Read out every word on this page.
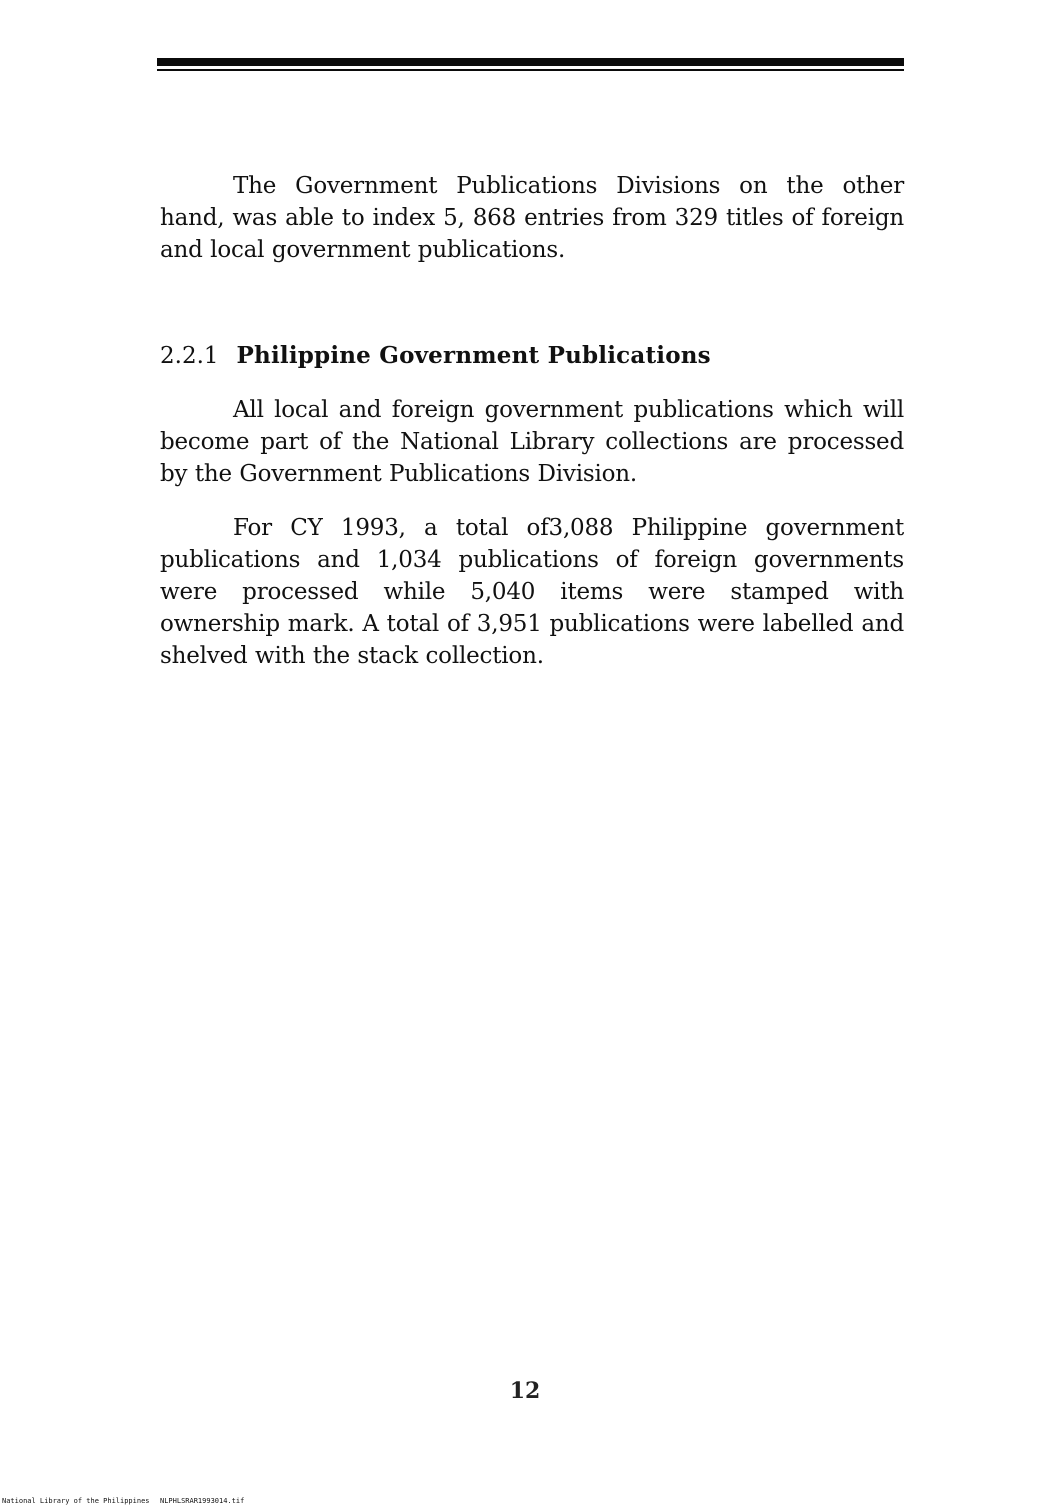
The Government Publications Divisions on the other hand, was able to index 5, 868 entries from 329 titles of foreign and local government publications.

2.2.1 Philippine Government Publications

All local and foreign government publications which will become part of the National Library collections are processed by the Government Publications Division.

For CY 1993, a total of3,088 Philippine government publications and 1,034 publications of foreign governments were processed while 5,040 items were stamped with ownership mark. A total of 3,951 publications were labelled and shelved with the stack collection.

12
National Library of the Philippines NLPHLSRAR1993014.tif
